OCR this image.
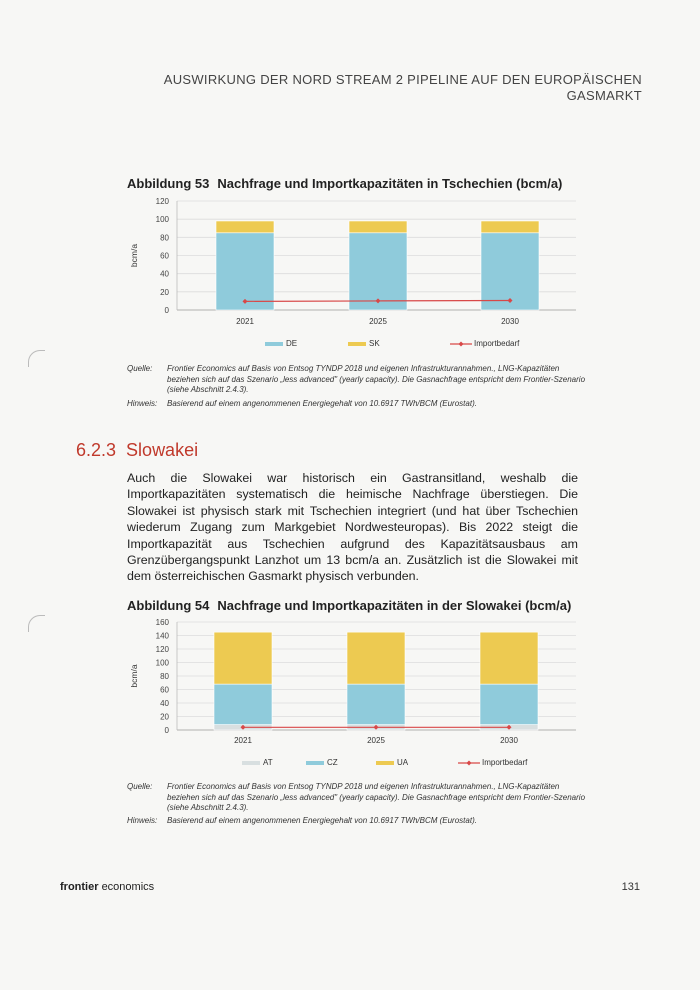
AUSWIRKUNG DER NORD STREAM 2 PIPELINE AUF DEN EUROPÄISCHEN
GASMARKT
Abbildung 53 Nachfrage und Importkapazitäten in Tschechien (bcm/a)
0
20
40
60
80
100
120
bcm/a
2021	2025	2030
DE	SK	Importbedarf
Quelle: Frontier Economics auf Basis von Entsog TYNDP 2018 und eigenen Infrastrukturannahmen., LNG-Kapazitäten beziehen sich auf das Szenario „less advanced" (yearly capacity). Die Gasnachfrage entspricht dem Frontier-Szenario (siehe Abschnitt 2.4.3).
Hinweis: Basierend auf einem angenommenen Energiegehalt von 10.6917 TWh/BCM (Eurostat).
6.2.3 Slowakei
Auch die Slowakei war historisch ein Gastransitland, weshalb die Importkapazitäten systematisch die heimische Nachfrage überstiegen. Die Slowakei ist physisch stark mit Tschechien integriert (und hat über Tschechien wiederum Zugang zum Markgebiet Nordwesteuropas). Bis 2022 steigt die Importkapazität aus Tschechien aufgrund des Kapazitätsausbaus am Grenzübergangspunkt Lanzhot um 13 bcm/a an. Zusätzlich ist die Slowakei mit dem österreichischen Gasmarkt physisch verbunden.
Abbildung 54 Nachfrage und Importkapazitäten in der Slowakei (bcm/a)
0
20
40
60
80
100
120
140
160
bcm/a
2021	2025	2030
AT	CZ	UA	Importbedarf
Quelle: Frontier Economics auf Basis von Entsog TYNDP 2018 und eigenen Infrastrukturannahmen., LNG-Kapazitäten beziehen sich auf das Szenario „less advanced" (yearly capacity). Die Gasnachfrage entspricht dem Frontier-Szenario (siehe Abschnitt 2.4.3).
Hinweis: Basierend auf einem angenommenen Energiegehalt von 10.6917 TWh/BCM (Eurostat).
frontier economics	131
